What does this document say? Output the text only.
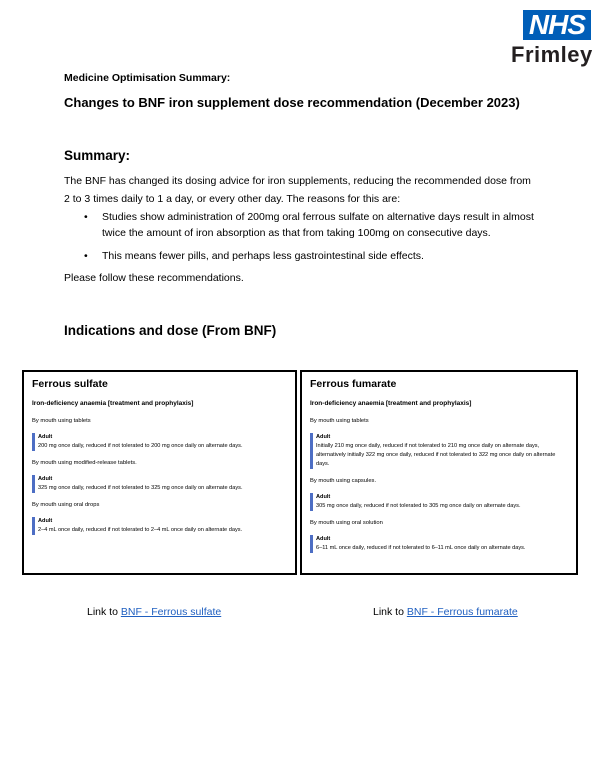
NHS
Frimley
Medicine Optimisation Summary:
Changes to BNF iron supplement dose recommendation (December 2023)
Summary:
The BNF has changed its dosing advice for iron supplements, reducing the recommended dose from 2 to 3 times daily to 1 a day, or every other day. The reasons for this are:
•	Studies show administration of 200mg oral ferrous sulfate on alternative days result in almost twice the amount of iron absorption as that from taking 100mg on consecutive days.
•	This means fewer pills, and perhaps less gastrointestinal side effects.
Please follow these recommendations.
Indications and dose (From BNF)
Ferrous sulfate
Iron-deficiency anaemia [treatment and prophylaxis]
By mouth using tablets
Adult
200 mg once daily, reduced if not tolerated to 200 mg once daily on alternate days.
By mouth using modified-release tablets.
Adult
325 mg once daily, reduced if not tolerated to 325 mg once daily on alternate days.
By mouth using oral drops
Adult
2–4 mL once daily, reduced if not tolerated to 2–4 mL once daily on alternate days.
Ferrous fumarate
Iron-deficiency anaemia [treatment and prophylaxis]
By mouth using tablets
Adult
Initially 210 mg once daily, reduced if not tolerated to 210 mg once daily on alternate days, alternatively initially 322 mg once daily, reduced if not tolerated to 322 mg once daily on alternate days.
By mouth using capsules.
Adult
305 mg once daily, reduced if not tolerated to 305 mg once daily on alternate days.
By mouth using oral solution
Adult
6–11 mL once daily, reduced if not tolerated to 6–11 mL once daily on alternate days.
Link to BNF - Ferrous sulfate	Link to BNF - Ferrous fumarate
